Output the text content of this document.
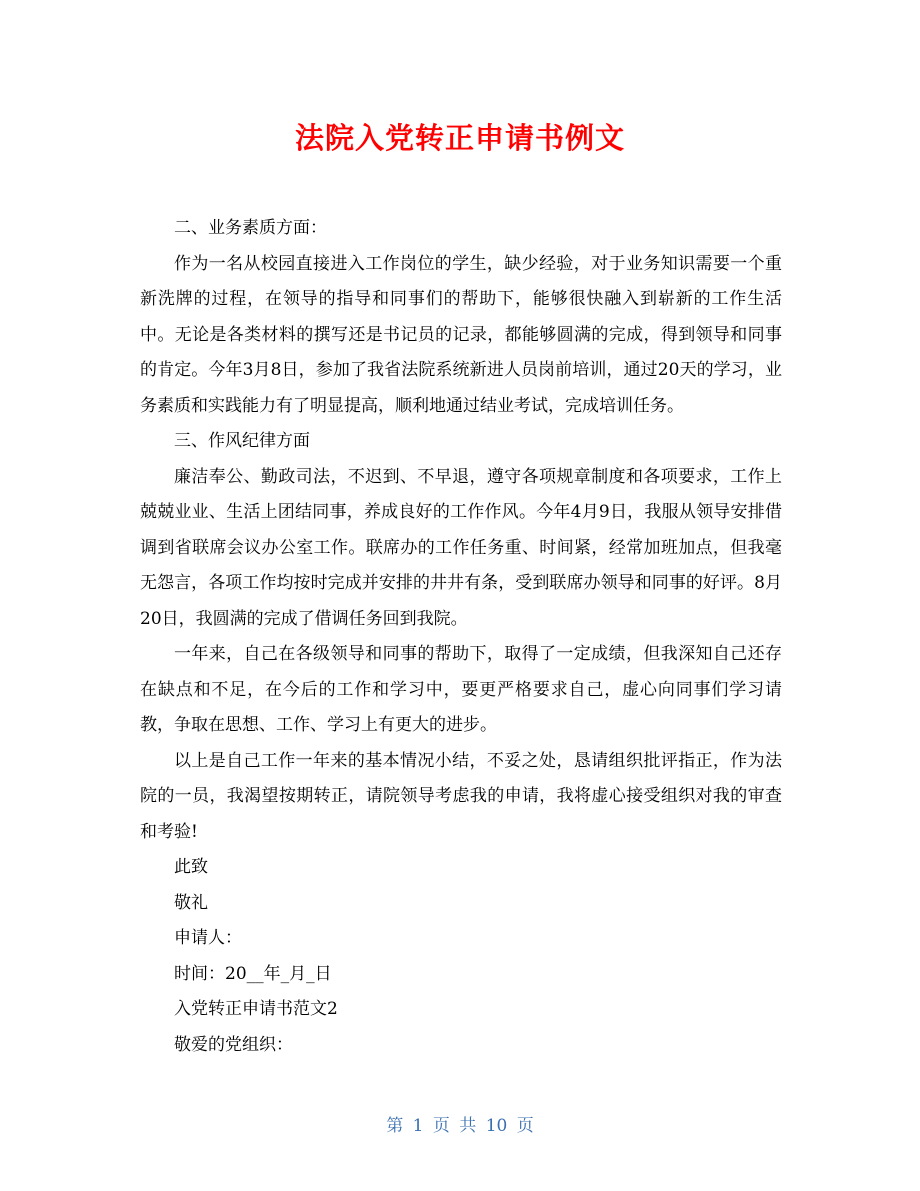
法院入党转正申请书例文

二、业务素质方面：

作为一名从校园直接进入工作岗位的学生，缺少经验，对于业务知识需要一个重新洗牌的过程，在领导的指导和同事们的帮助下，能够很快融入到崭新的工作生活中。无论是各类材料的撰写还是书记员的记录，都能够圆满的完成，得到领导和同事的肯定。今年3月8日，参加了我省法院系统新进人员岗前培训，通过20天的学习，业务素质和实践能力有了明显提高，顺利地通过结业考试，完成培训任务。

三、作风纪律方面

廉洁奉公、勤政司法，不迟到、不早退，遵守各项规章制度和各项要求，工作上兢兢业业、生活上团结同事，养成良好的工作作风。今年4月9日，我服从领导安排借调到省联席会议办公室工作。联席办的工作任务重、时间紧，经常加班加点，但我毫无怨言，各项工作均按时完成并安排的井井有条，受到联席办领导和同事的好评。8月20日，我圆满的完成了借调任务回到我院。

一年来，自己在各级领导和同事的帮助下，取得了一定成绩，但我深知自己还存在缺点和不足，在今后的工作和学习中，要更严格要求自己，虚心向同事们学习请教，争取在思想、工作、学习上有更大的进步。

以上是自己工作一年来的基本情况小结，不妥之处，恳请组织批评指正，作为法院的一员，我渴望按期转正，请院领导考虑我的申请，我将虚心接受组织对我的审查和考验!

此致

敬礼

申请人：

时间：20__年_月_日

入党转正申请书范文2

敬爱的党组织：

第 1 页 共 10 页
